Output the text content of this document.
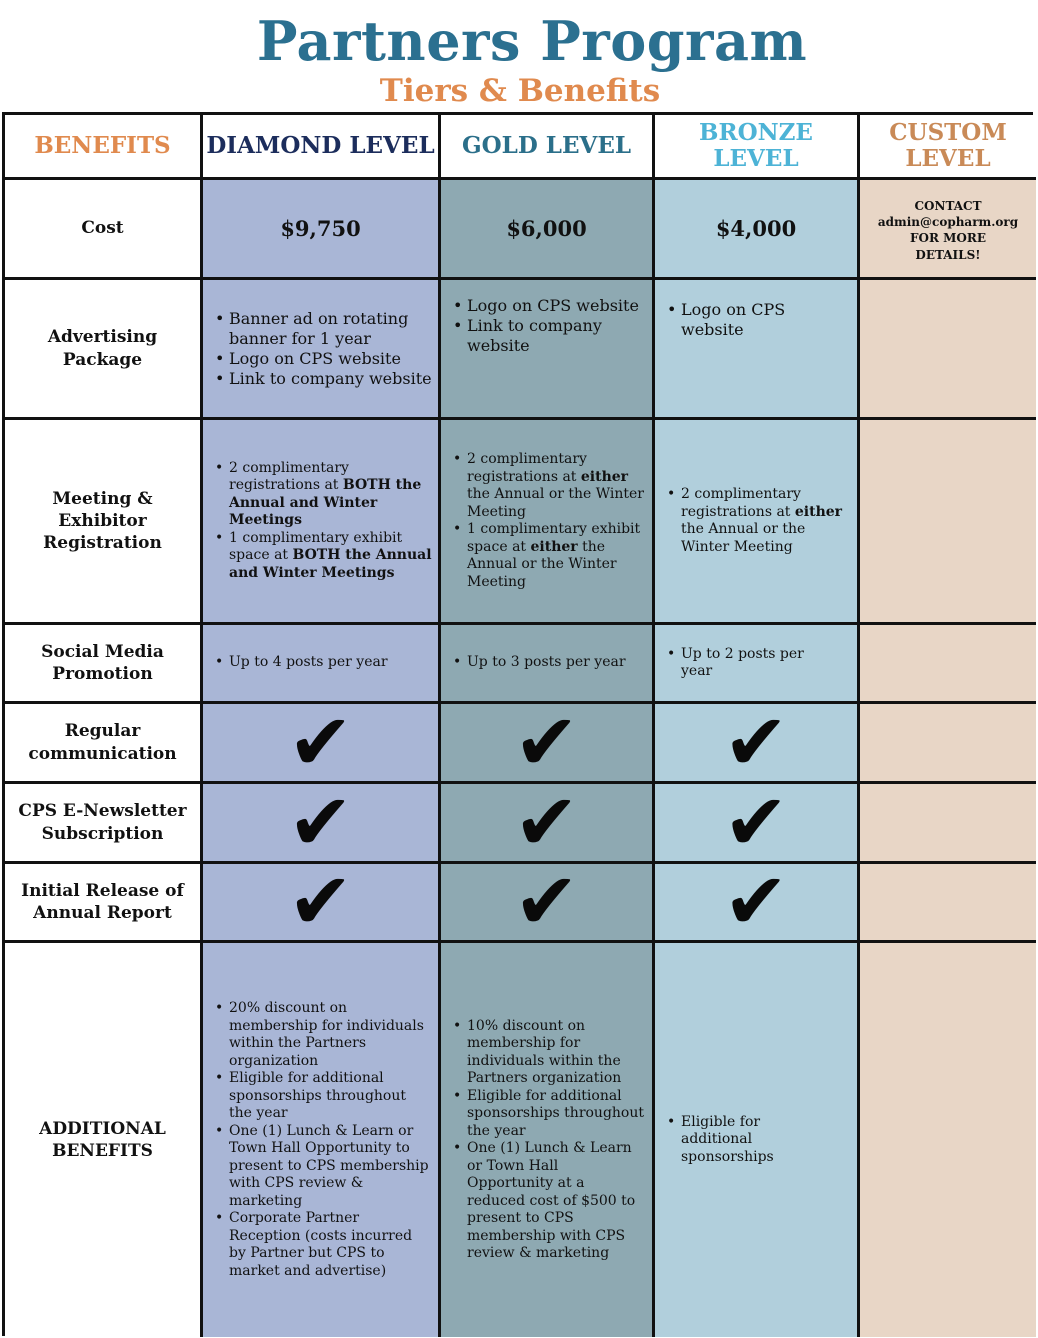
Partners Program
Tiers & Benefits
BENEFITS DIAMOND LEVEL GOLD LEVEL	BRONZE LEVEL
CUSTOM
LEVEL
Cost	$9,750	$6,000	$4,000
CONTACT
admin@copharm.org
FOR MORE
DETAILS!
Advertising
Package
• Banner ad on rotating banner for 1 year
• Logo on CPS website
• Link to company website
• Logo on CPS website
• Link to company website
• Logo on CPS website
Meeting &
Exhibitor
Registration
• 2 complimentary registrations at BOTH the Annual and Winter Meetings
• 1 complimentary exhibit space at BOTH the Annual and Winter Meetings
• 2 complimentary registrations at either the Annual or the Winter Meeting
• 1 complimentary exhibit space at either the Annual or the Winter Meeting
• 2 complimentary registrations at either the Annual or the Winter Meeting
Social Media
Promotion
• Up to 4 posts per year
•	Up to 3 posts per year
• Up to 2 posts per year
Regular
communication ✔ ✔ ✔
CPS E-Newsletter
Subscription ✔ ✔ ✔
Initial Release of
Annual Report ✔ ✔ ✔
ADDITIONAL
BENEFITS
• 20% discount on membership for individuals within the Partners organization
• Eligible for additional sponsorships throughout the year
• One (1) Lunch & Learn or Town Hall Opportunity to present to CPS membership with CPS review & marketing
• Corporate Partner Reception (costs incurred by Partner but CPS to market and advertise)
• 10% discount on membership for individuals within the Partners organization
• Eligible for additional sponsorships throughout the year
• One (1) Lunch & Learn or Town Hall Opportunity at a reduced cost of $500 to present to CPS membership with CPS review & marketing
• Eligible for additional sponsorships
